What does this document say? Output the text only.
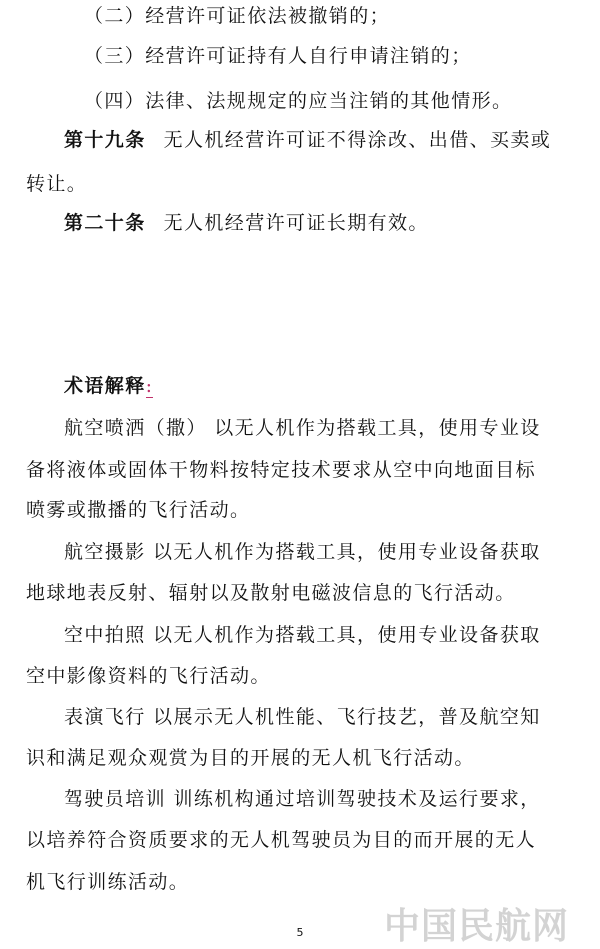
（二）经营许可证依法被撤销的；
（三）经营许可证持有人自行申请注销的；
（四）法律、法规规定的应当注销的其他情形。
第十九条 无人机经营许可证不得涂改、出借、买卖或
转让。
第二十条 无人机经营许可证长期有效。
术语解释:
航空喷洒（撒） 以无人机作为搭载工具，使用专业设
备将液体或固体干物料按特定技术要求从空中向地面目标
喷雾或撒播的飞行活动。
航空摄影 以无人机作为搭载工具，使用专业设备获取
地球地表反射、辐射以及散射电磁波信息的飞行活动。
空中拍照 以无人机作为搭载工具，使用专业设备获取
空中影像资料的飞行活动。
表演飞行 以展示无人机性能、飞行技艺，普及航空知
识和满足观众观赏为目的开展的无人机飞行活动。
驾驶员培训 训练机构通过培训驾驶技术及运行要求，
以培养符合资质要求的无人机驾驶员为目的而开展的无人
机飞行训练活动。
5	中国民航网
